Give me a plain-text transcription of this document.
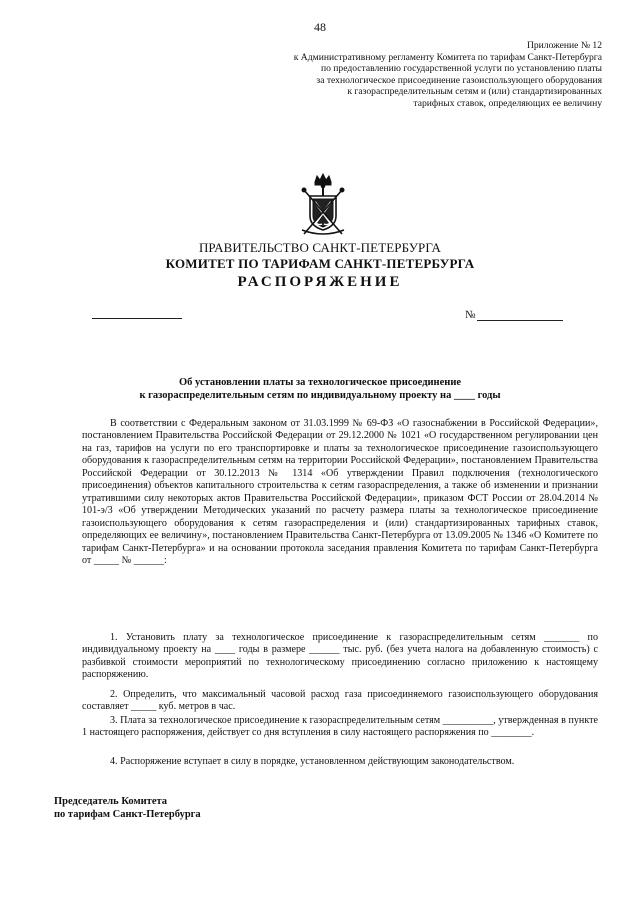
48
Приложение № 12
к Административному регламенту Комитета по тарифам Санкт-Петербурга
по предоставлению государственной услуги по установлению платы
за технологическое присоединение газоиспользующего оборудования
к газораспределительным сетям и (или) стандартизированных
тарифных ставок, определяющих ее величину
ПРАВИТЕЛЬСТВО САНКТ-ПЕТЕРБУРГА
КОМИТЕТ ПО ТАРИФАМ САНКТ-ПЕТЕРБУРГА
РАСПОРЯЖЕНИЕ
№
Об установлении платы за технологическое присоединение
к газораспределительным сетям по индивидуальному проекту на ____ годы
В соответствии с Федеральным законом от 31.03.1999 № 69-ФЗ «О газоснабжении в Российской Федерации», постановлением Правительства Российской Федерации от 29.12.2000 № 1021 «О государственном регулировании цен на газ, тарифов на услуги по его транспортировке и платы за технологическое присоединение газоиспользующего оборудования к газораспределительным сетям на территории Российской Федерации», постановлением Правительства Российской Федерации от 30.12.2013 № 1314 «Об утверждении Правил подключения (технологического присоединения) объектов капитального строительства к сетям газораспределения, а также об изменении и признании утратившими силу некоторых актов Правительства Российской Федерации», приказом ФСТ России от 28.04.2014 № 101-э/3 «Об утверждении Методических указаний по расчету размера платы за технологическое присоединение газоиспользующего оборудования к сетям газораспределения и (или) стандартизированных тарифных ставок, определяющих ее величину», постановлением Правительства Санкт-Петербурга от 13.09.2005 № 1346 «О Комитете по тарифам Санкт-Петербурга» и на основании протокола заседания правления Комитета по тарифам Санкт-Петербурга от _____ № ______:
1. Установить плату за технологическое присоединение к газораспределительным сетям _______ по индивидуальному проекту на ____ годы в размере ______ тыс. руб. (без учета налога на добавленную стоимость) с разбивкой стоимости мероприятий по технологическому присоединению согласно приложению к настоящему распоряжению.
2. Определить, что максимальный часовой расход газа присоединяемого газоиспользующего оборудования составляет _____ куб. метров в час.
3. Плата за технологическое присоединение к газораспределительным сетям __________, утвержденная в пункте 1 настоящего распоряжения, действует со дня вступления в силу настоящего распоряжения по ________.
4. Распоряжение вступает в силу в порядке, установленном действующим законодательством.
Председатель Комитета
по тарифам Санкт-Петербурга
